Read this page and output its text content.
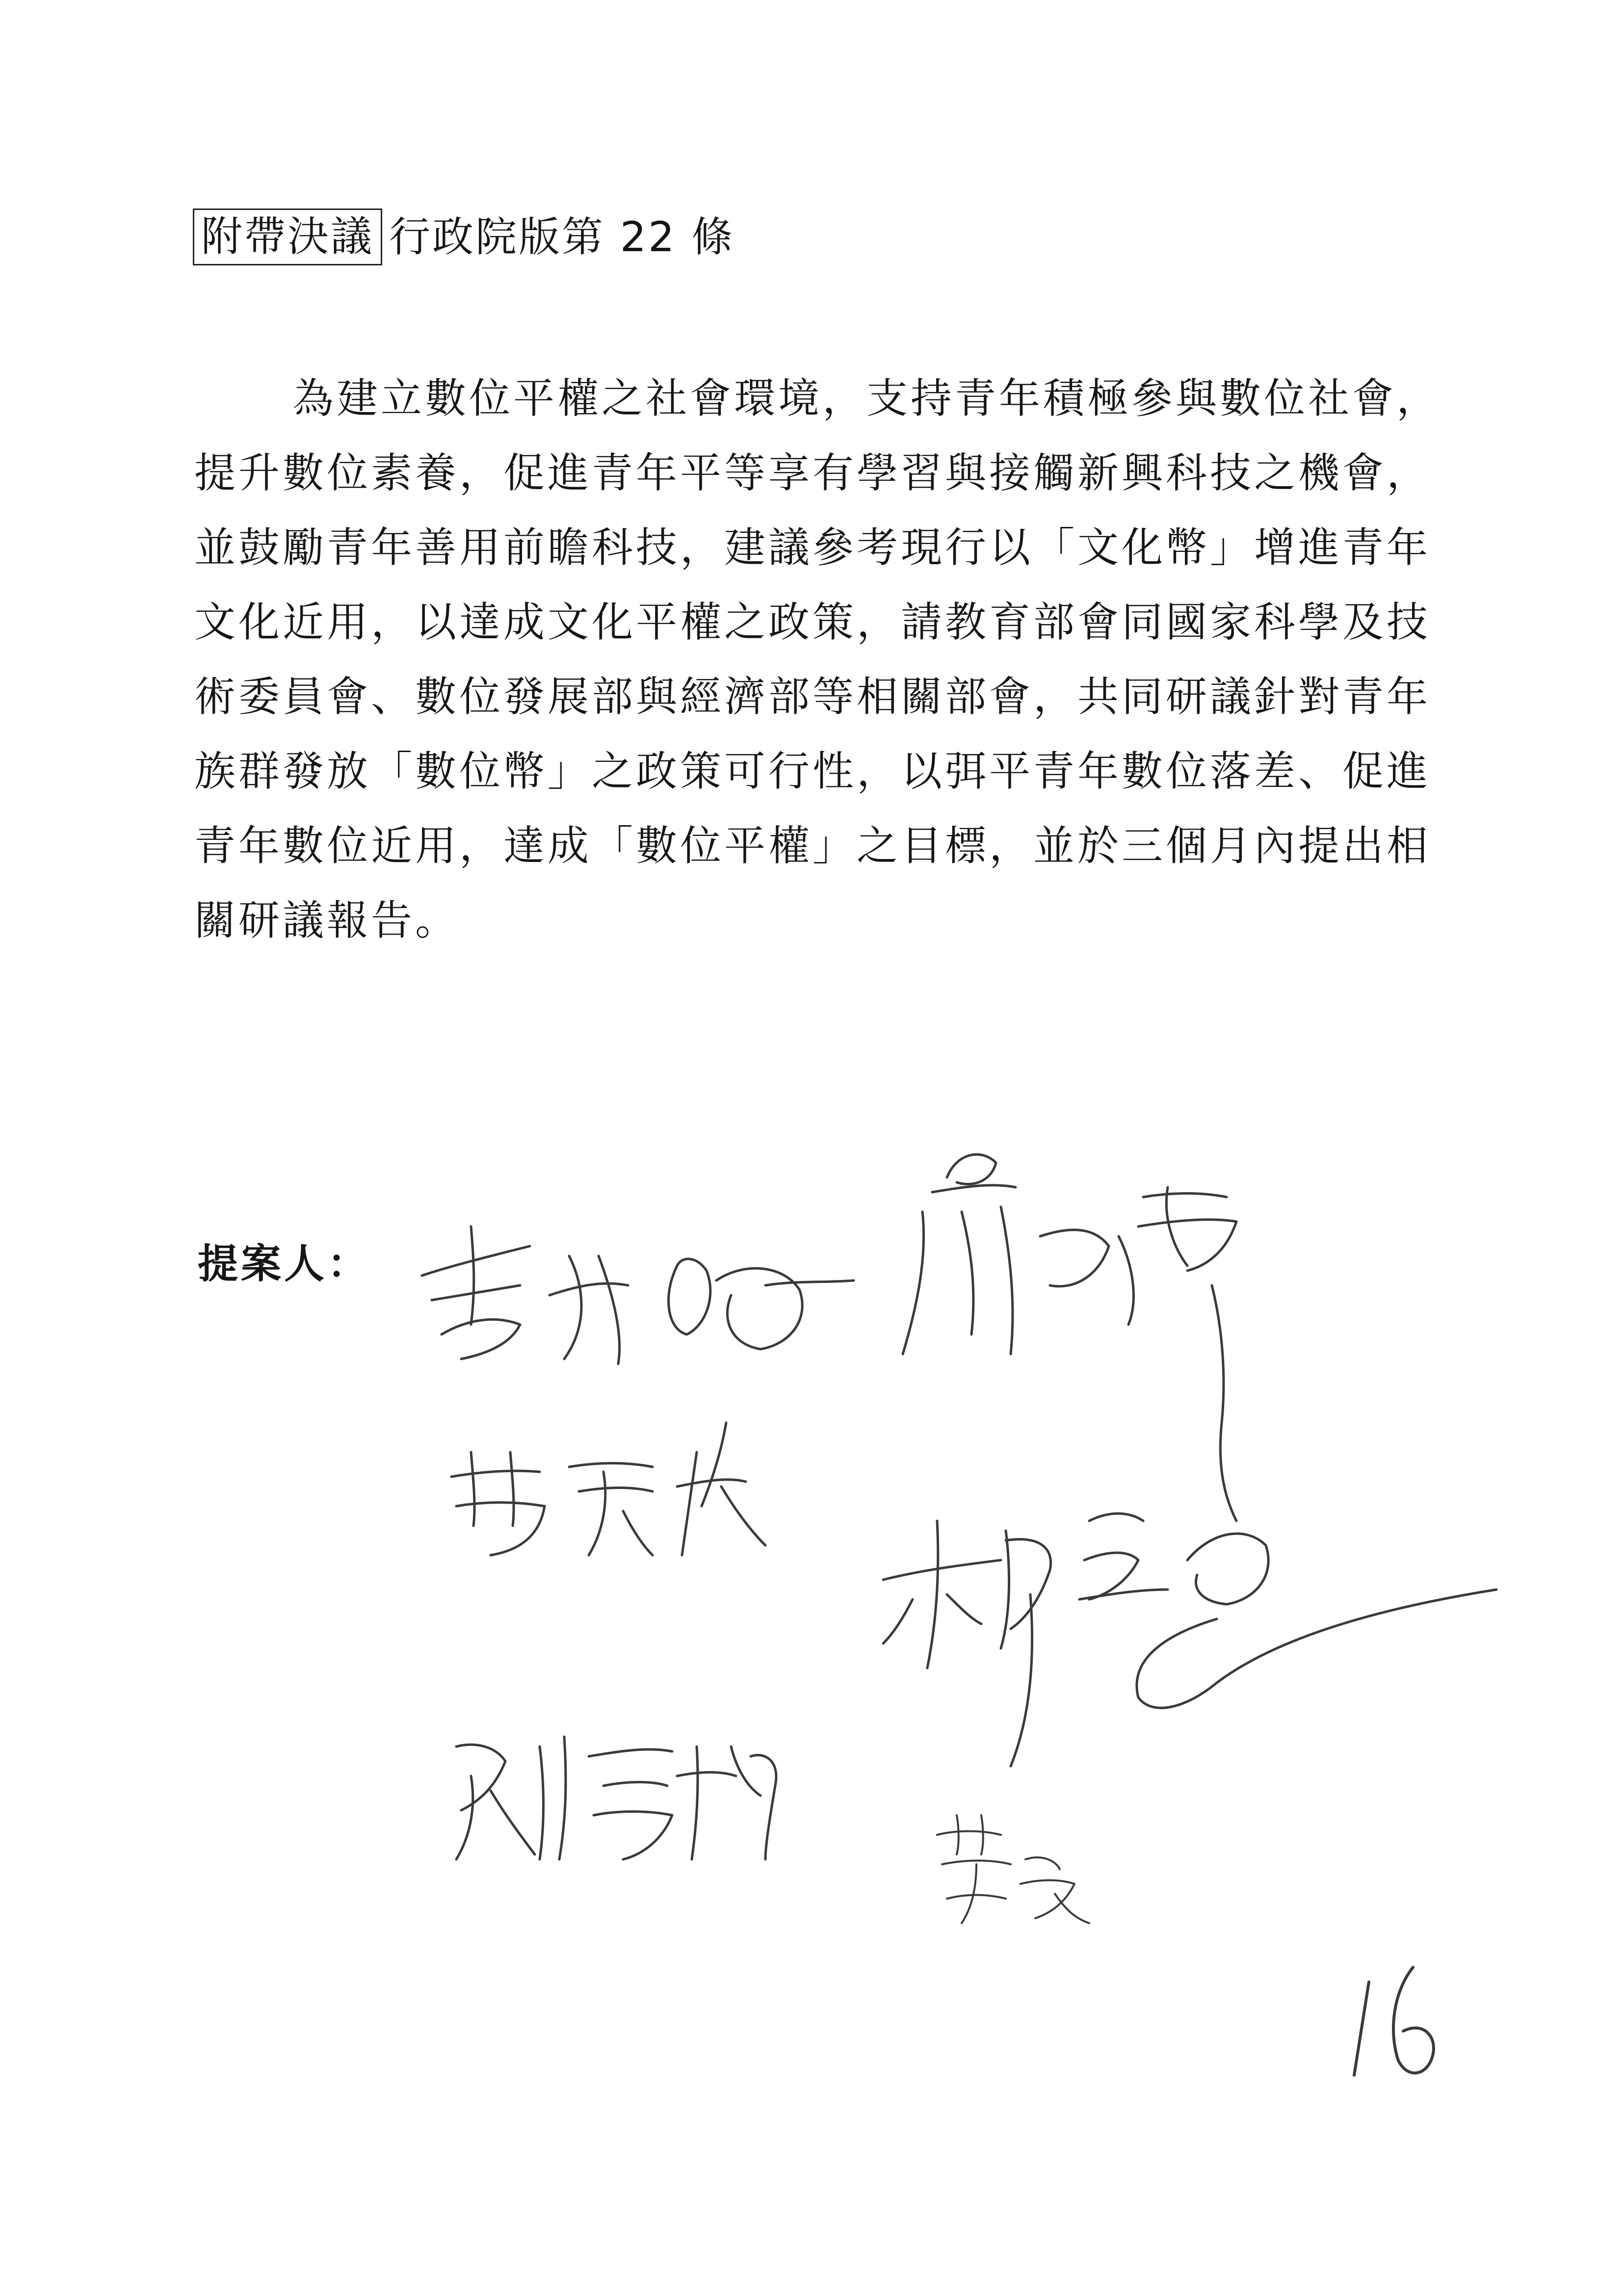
附帶決議 行政院版第 22 條
為建立數位平權之社會環境，支持青年積極參與數位社會，提升數位素養，促進青年平等享有學習與接觸新興科技之機會，並鼓勵青年善用前瞻科技，建議參考現行以「文化幣」增進青年文化近用，以達成文化平權之政策，請教育部會同國家科學及技術委員會、數位發展部與經濟部等相關部會，共同研議針對青年族群發放「數位幣」之政策可行性，以弭平青年數位落差、促進青年數位近用，達成「數位平權」之目標，並於三個月內提出相關研議報告。
提案人：
